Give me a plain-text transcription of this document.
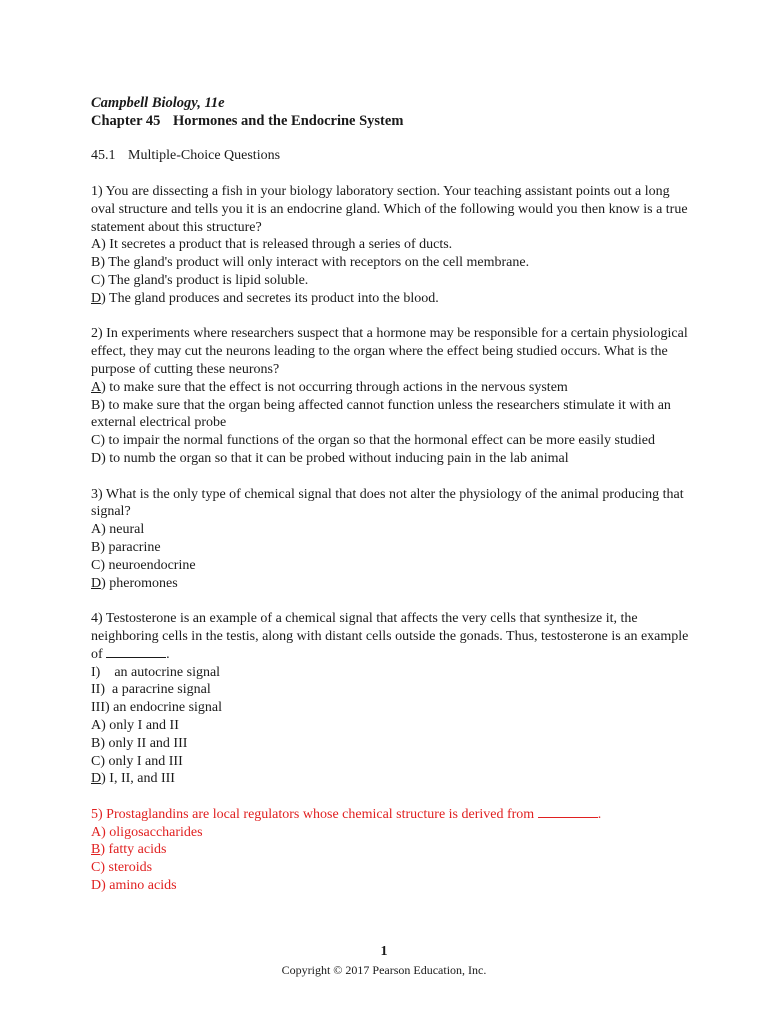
Campbell Biology, 11e
Chapter 45 Hormones and the Endocrine System
45.1 Multiple-Choice Questions

1) You are dissecting a fish in your biology laboratory section. Your teaching assistant points out a long oval structure and tells you it is an endocrine gland. Which of the following would you then know is a true statement about this structure?

A) It secretes a product that is released through a series of ducts.
B) The gland's product will only interact with receptors on the cell membrane.
C) The gland's product is lipid soluble.
D) The gland produces and secretes its product into the blood.

2) In experiments where researchers suspect that a hormone may be responsible for a certain physiological effect, they may cut the neurons leading to the organ where the effect being studied occurs. What is the purpose of cutting these neurons?

A) to make sure that the effect is not occurring through actions in the nervous system
B) to make sure that the organ being affected cannot function unless the researchers stimulate it with an external electrical probe
C) to impair the normal functions of the organ so that the hormonal effect can be more easily studied
D) to numb the organ so that it can be probed without inducing pain in the lab animal

3) What is the only type of chemical signal that does not alter the physiology of the animal producing that signal?

A) neural
B) paracrine
C) neuroendocrine
D) pheromones

4) Testosterone is an example of a chemical signal that affects the very cells that synthesize it, the neighboring cells in the testis, along with distant cells outside the gonads. Thus, testosterone is an example of	.

I) an autocrine signal
II) a paracrine signal
III) an endocrine signal
A) only I and II
B) only II and III
C) only I and III
D) I, II, and III

5) Prostaglandins are local regulators whose chemical structure is derived from	.

A) oligosaccharides
B) fatty acids
C) steroids
D) amino acids
1
Copyright © 2017 Pearson Education, Inc.
